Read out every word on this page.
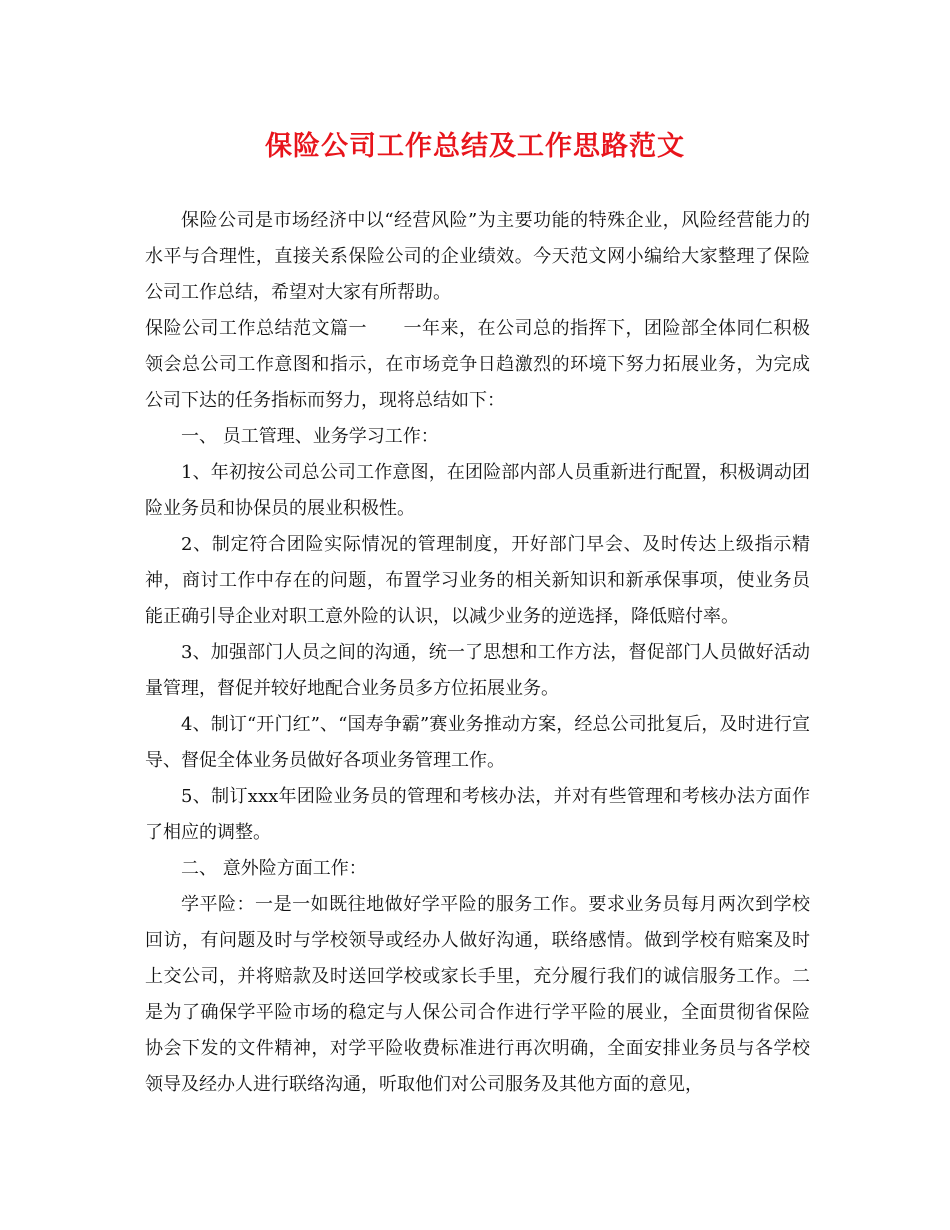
保险公司工作总结及工作思路范文

保险公司是市场经济中以“经营风险”为主要功能的特殊企业，风险经营能力的水平与合理性，直接关系保险公司的企业绩效。今天范文网小编给大家整理了保险公司工作总结，希望对大家有所帮助。

保险公司工作总结范文篇一 一年来，在公司总的指挥下，团险部全体同仁积极领会总公司工作意图和指示，在市场竞争日趋激烈的环境下努力拓展业务，为完成公司下达的任务指标而努力，现将总结如下：

一、 员工管理、业务学习工作：

1、年初按公司总公司工作意图，在团险部内部人员重新进行配置，积极调动团险业务员和协保员的展业积极性。

2、制定符合团险实际情况的管理制度，开好部门早会、及时传达上级指示精神，商讨工作中存在的问题，布置学习业务的相关新知识和新承保事项，使业务员能正确引导企业对职工意外险的认识，以减少业务的逆选择，降低赔付率。

3、加强部门人员之间的沟通，统一了思想和工作方法，督促部门人员做好活动量管理，督促并较好地配合业务员多方位拓展业务。

4、制订“开门红”、“国寿争霸”赛业务推动方案，经总公司批复后，及时进行宣导、督促全体业务员做好各项业务管理工作。

5、制订xxx年团险业务员的管理和考核办法，并对有些管理和考核办法方面作了相应的调整。

二、 意外险方面工作：

学平险：一是一如既往地做好学平险的服务工作。要求业务员每月两次到学校回访，有问题及时与学校领导或经办人做好沟通，联络感情。做到学校有赔案及时上交公司，并将赔款及时送回学校或家长手里，充分履行我们的诚信服务工作。二是为了确保学平险市场的稳定与人保公司合作进行学平险的展业，全面贯彻省保险协会下发的文件精神，对学平险收费标准进行再次明确，全面安排业务员与各学校领导及经办人进行联络沟通，听取他们对公司服务及其他方面的意见，
